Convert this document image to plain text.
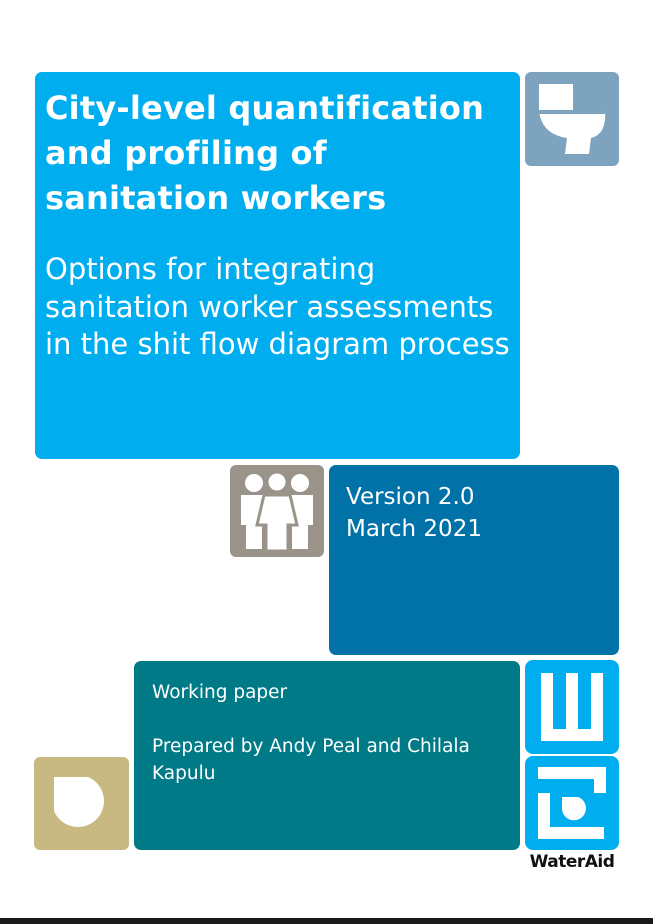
City-level quantification and profiling of sanitation workers
Options for integrating sanitation worker assessments in the shit flow diagram process
Version 2.0
March 2021
Working paper
Prepared by Andy Peal and Chilala Kapulu
WaterAid
